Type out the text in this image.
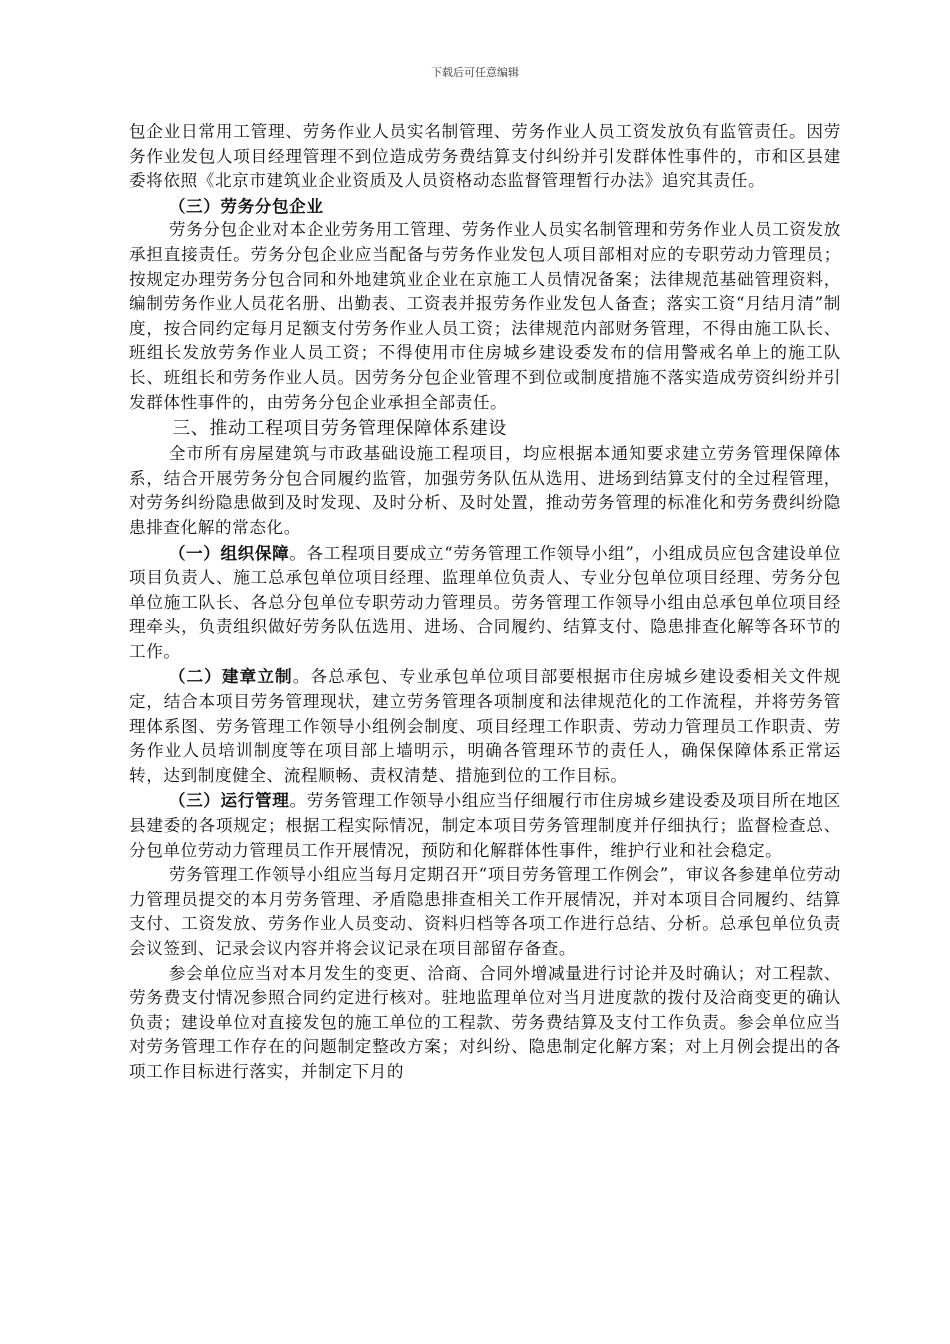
下载后可任意编辑

包企业日常用工管理、劳务作业人员实名制管理、劳务作业人员工资发放负有监管责任。因劳务作业发包人项目经理管理不到位造成劳务费结算支付纠纷并引发群体性事件的，市和区县建委将依照《北京市建筑业企业资质及人员资格动态监督管理暂行办法》追究其责任。

（三）劳务分包企业

劳务分包企业对本企业劳务用工管理、劳务作业人员实名制管理和劳务作业人员工资发放承担直接责任。劳务分包企业应当配备与劳务作业发包人项目部相对应的专职劳动力管理员；按规定办理劳务分包合同和外地建筑业企业在京施工人员情况备案；法律规范基础管理资料，编制劳务作业人员花名册、出勤表、工资表并报劳务作业发包人备查；落实工资“月结月清”制度，按合同约定每月足额支付劳务作业人员工资；法律规范内部财务管理，不得由施工队长、班组长发放劳务作业人员工资；不得使用市住房城乡建设委发布的信用警戒名单上的施工队长、班组长和劳务作业人员。因劳务分包企业管理不到位或制度措施不落实造成劳资纠纷并引发群体性事件的，由劳务分包企业承担全部责任。

三、推动工程项目劳务管理保障体系建设

全市所有房屋建筑与市政基础设施工程项目，均应根据本通知要求建立劳务管理保障体系，结合开展劳务分包合同履约监管，加强劳务队伍从选用、进场到结算支付的全过程管理，对劳务纠纷隐患做到及时发现、及时分析、及时处置，推动劳务管理的标准化和劳务费纠纷隐患排查化解的常态化。

（一）组织保障。各工程项目要成立“劳务管理工作领导小组”，小组成员应包含建设单位项目负责人、施工总承包单位项目经理、监理单位负责人、专业分包单位项目经理、劳务分包单位施工队长、各总分包单位专职劳动力管理员。劳务管理工作领导小组由总承包单位项目经理牵头，负责组织做好劳务队伍选用、进场、合同履约、结算支付、隐患排查化解等各环节的工作。

（二）建章立制。各总承包、专业承包单位项目部要根据市住房城乡建设委相关文件规定，结合本项目劳务管理现状，建立劳务管理各项制度和法律规范化的工作流程，并将劳务管理体系图、劳务管理工作领导小组例会制度、项目经理工作职责、劳动力管理员工作职责、劳务作业人员培训制度等在项目部上墙明示，明确各管理环节的责任人，确保保障体系正常运转，达到制度健全、流程顺畅、责权清楚、措施到位的工作目标。

（三）运行管理。劳务管理工作领导小组应当仔细履行市住房城乡建设委及项目所在地区县建委的各项规定；根据工程实际情况，制定本项目劳务管理制度并仔细执行；监督检查总、分包单位劳动力管理员工作开展情况，预防和化解群体性事件，维护行业和社会稳定。

劳务管理工作领导小组应当每月定期召开“项目劳务管理工作例会”，审议各参建单位劳动力管理员提交的本月劳务管理、矛盾隐患排查相关工作开展情况，并对本项目合同履约、结算支付、工资发放、劳务作业人员变动、资料归档等各项工作进行总结、分析。总承包单位负责会议签到、记录会议内容并将会议记录在项目部留存备查。

参会单位应当对本月发生的变更、洽商、合同外增减量进行讨论并及时确认；对工程款、劳务费支付情况参照合同约定进行核对。驻地监理单位对当月进度款的拨付及洽商变更的确认负责；建设单位对直接发包的施工单位的工程款、劳务费结算及支付工作负责。参会单位应当对劳务管理工作存在的问题制定整改方案；对纠纷、隐患制定化解方案；对上月例会提出的各项工作目标进行落实，并制定下月的
